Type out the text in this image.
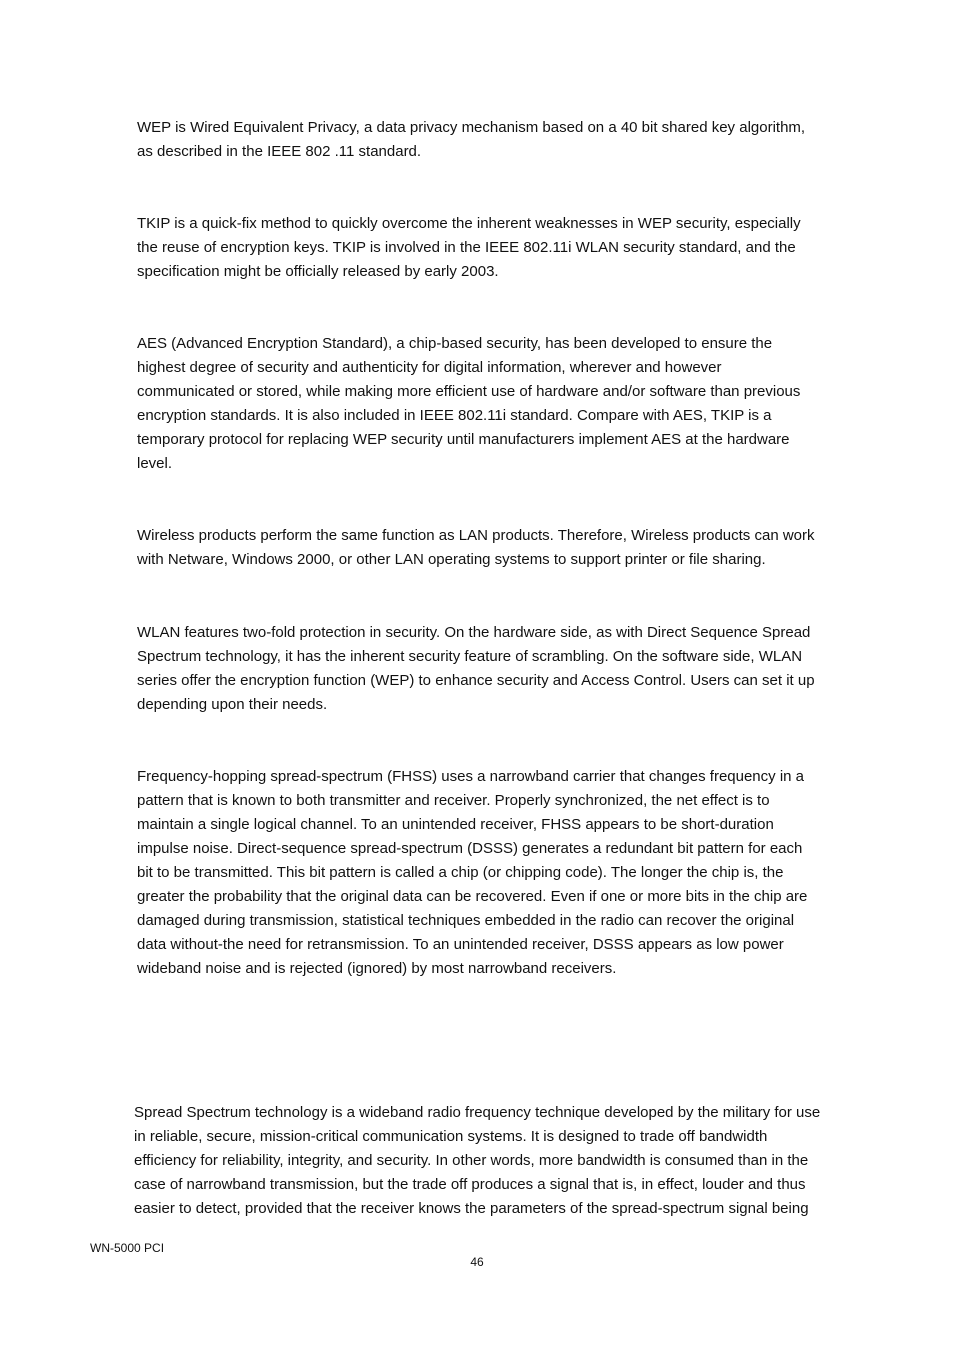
WEP is Wired Equivalent Privacy, a data privacy mechanism based on a 40 bit shared key algorithm,
as described in the IEEE 802 .11 standard.

TKIP is a quick-fix method to quickly overcome the inherent weaknesses in WEP security, especially
the reuse of encryption keys. TKIP is involved in the IEEE 802.11i WLAN security standard, and the
specification might be officially released by early 2003.

AES (Advanced Encryption Standard), a chip-based security, has been developed to ensure the
highest degree of security and authenticity for digital information, wherever and however
communicated or stored, while making more efficient use of hardware and/or software than previous
encryption standards. It is also included in IEEE 802.11i standard. Compare with AES, TKIP is a
temporary protocol for replacing WEP security until manufacturers implement AES at the hardware
level.

Wireless products perform the same function as LAN products. Therefore, Wireless products can work
with Netware, Windows 2000, or other LAN operating systems to support printer or file sharing.

WLAN features two-fold protection in security. On the hardware side, as with Direct Sequence Spread
Spectrum technology, it has the inherent security feature of scrambling. On the software side, WLAN
series offer the encryption function (WEP) to enhance security and Access Control. Users can set it up
depending upon their needs.

Frequency-hopping spread-spectrum (FHSS) uses a narrowband carrier that changes frequency in a
pattern that is known to both transmitter and receiver. Properly synchronized, the net effect is to
maintain a single logical channel. To an unintended receiver, FHSS appears to be short-duration
impulse noise. Direct-sequence spread-spectrum (DSSS) generates a redundant bit pattern for each
bit to be transmitted. This bit pattern is called a chip (or chipping code). The longer the chip is, the
greater the probability that the original data can be recovered. Even if one or more bits in the chip are
damaged during transmission, statistical techniques embedded in the radio can recover the original
data without-the need for retransmission. To an unintended receiver, DSSS appears as low power
wideband noise and is rejected (ignored) by most narrowband receivers.

Spread Spectrum technology is a wideband radio frequency technique developed by the military for use
in reliable, secure, mission-critical communication systems. It is designed to trade off bandwidth
efficiency for reliability, integrity, and security. In other words, more bandwidth is consumed than in the
case of narrowband transmission, but the trade off produces a signal that is, in effect, louder and thus
easier to detect, provided that the receiver knows the parameters of the spread-spectrum signal being

WN-5000 PCI

46
